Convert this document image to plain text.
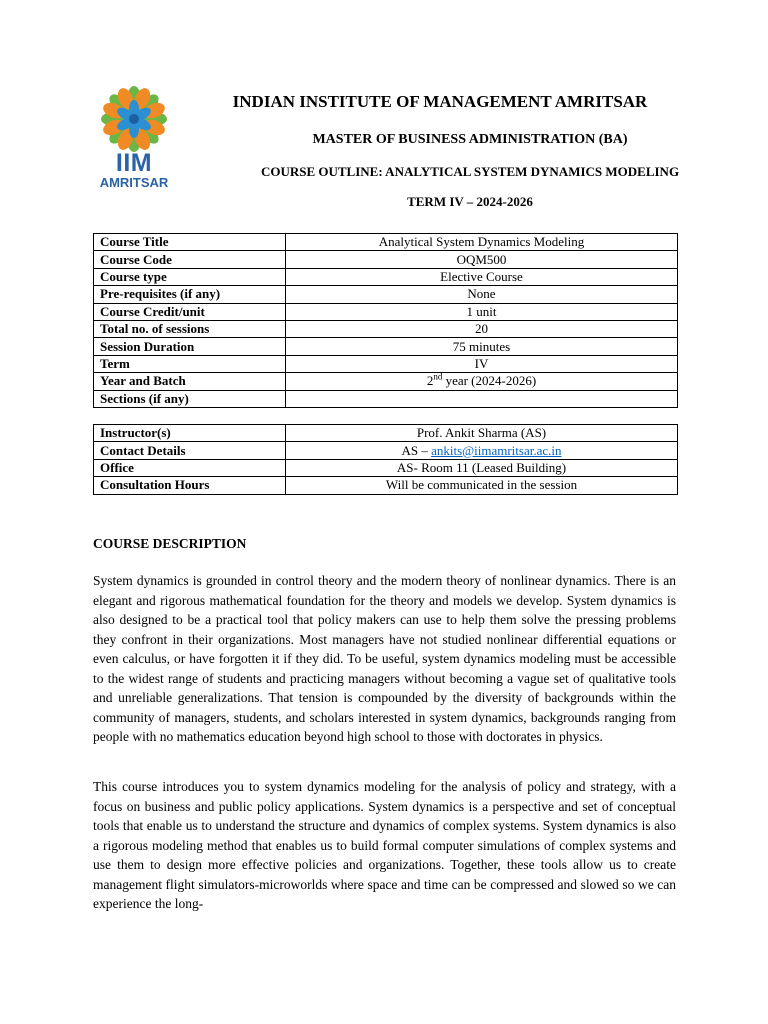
IIM
AMRITSAR
INDIAN INSTITUTE OF MANAGEMENT AMRITSAR
MASTER OF BUSINESS ADMINISTRATION (BA)
COURSE OUTLINE: ANALYTICAL SYSTEM DYNAMICS MODELING
TERM IV – 2024-2026
Course Title	Analytical System Dynamics Modeling
Course Code	OQM500
Course type	Elective Course
Pre-requisites (if any)	None
Course Credit/unit	1 unit
Total no. of sessions	20
Session Duration	75 minutes
Term	IV
Year and Batch	2nd year (2024-2026)
Sections (if any)	
Instructor(s)	Prof. Ankit Sharma (AS)
Contact Details	AS – ankits@iimamritsar.ac.in
Office	AS- Room 11 (Leased Building)
Consultation Hours	Will be communicated in the session
COURSE DESCRIPTION

System dynamics is grounded in control theory and the modern theory of nonlinear dynamics. There is an elegant and rigorous mathematical foundation for the theory and models we develop. System dynamics is also designed to be a practical tool that policy makers can use to help them solve the pressing problems they confront in their organizations. Most managers have not studied nonlinear differential equations or even calculus, or have forgotten it if they did. To be useful, system dynamics modeling must be accessible to the widest range of students and practicing managers without becoming a vague set of qualitative tools and unreliable generalizations. That tension is compounded by the diversity of backgrounds within the community of managers, students, and scholars interested in system dynamics, backgrounds ranging from people with no mathematics education beyond high school to those with doctorates in physics.

This course introduces you to system dynamics modeling for the analysis of policy and strategy, with a focus on business and public policy applications. System dynamics is a perspective and set of conceptual tools that enable us to understand the structure and dynamics of complex systems. System dynamics is also a rigorous modeling method that enables us to build formal computer simulations of complex systems and use them to design more effective policies and organizations. Together, these tools allow us to create management flight simulators-microworlds where space and time can be compressed and slowed so we can experience the long-
